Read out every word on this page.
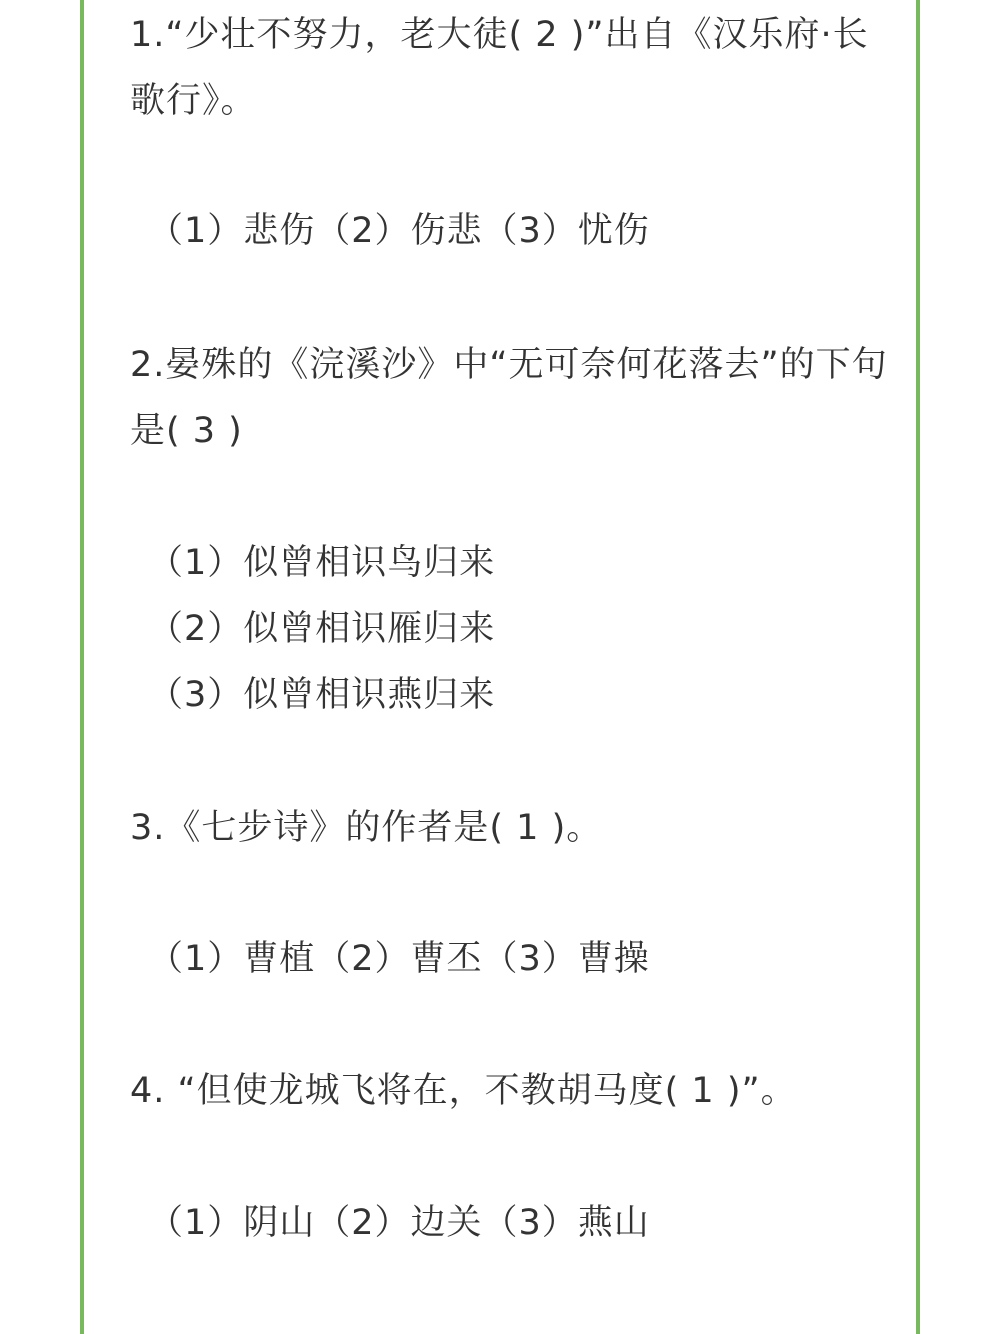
1.“少壮不努力，老大徒( 2 )”出自《汉乐府·长歌行》。

（1）悲伤（2）伤悲（3）忧伤

2.晏殊的《浣溪沙》中“无可奈何花落去”的下句是( 3 )

（1）似曾相识鸟归来
（2）似曾相识雁归来
（3）似曾相识燕归来

3.《七步诗》的作者是( 1 )。

（1）曹植（2）曹丕（3）曹操

4. “但使龙城飞将在，不教胡马度( 1 )”。

（1）阴山（2）边关（3）燕山
